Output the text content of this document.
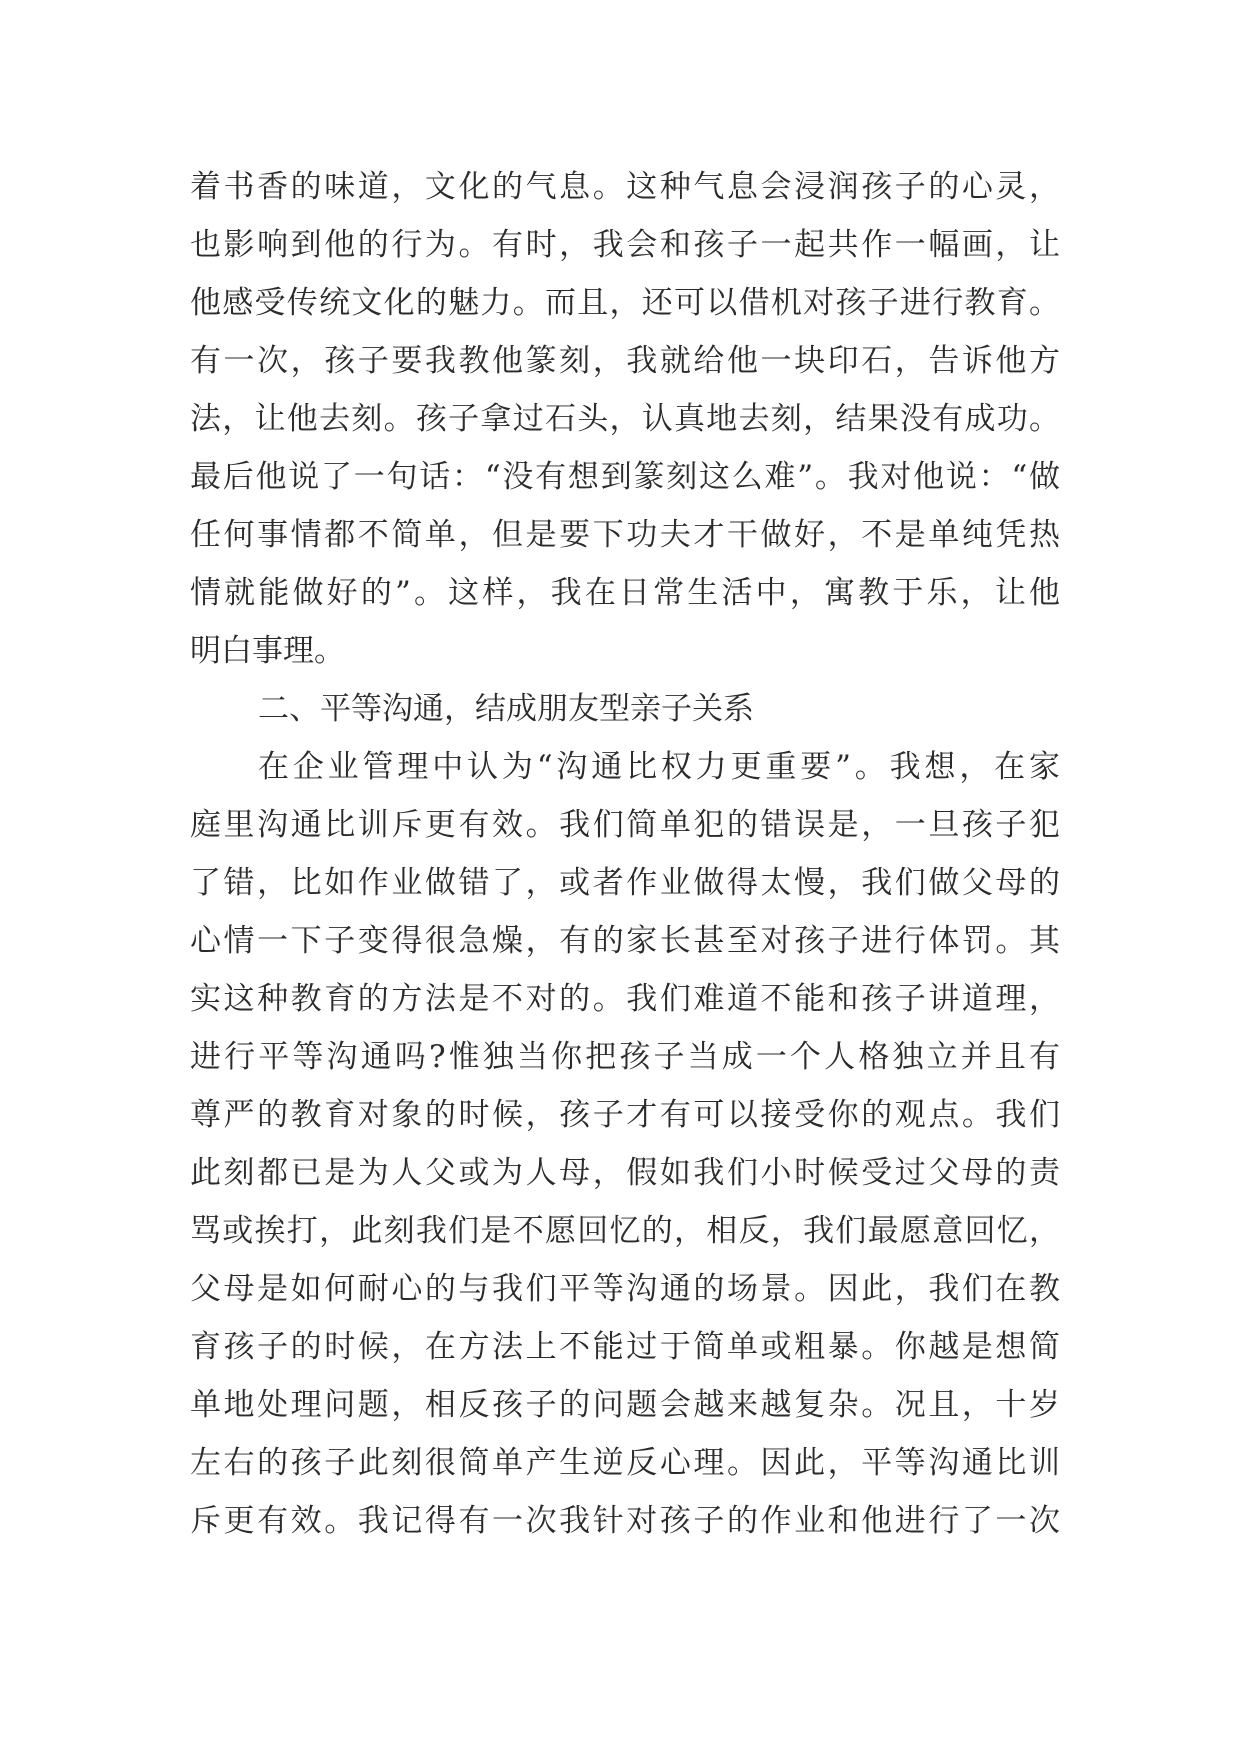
着书香的味道，文化的气息。这种气息会浸润孩子的心灵，
也影响到他的行为。有时，我会和孩子一起共作一幅画，让
他感受传统文化的魅力。而且，还可以借机对孩子进行教育。
有一次，孩子要我教他篆刻，我就给他一块印石，告诉他方
法，让他去刻。孩子拿过石头，认真地去刻，结果没有成功。
最后他说了一句话：“没有想到篆刻这么难”。我对他说：“做
任何事情都不简单，但是要下功夫才干做好，不是单纯凭热
情就能做好的”。这样，我在日常生活中，寓教于乐，让他
明白事理。
二、平等沟通，结成朋友型亲子关系
在企业管理中认为“沟通比权力更重要”。我想，在家
庭里沟通比训斥更有效。我们简单犯的错误是，一旦孩子犯
了错，比如作业做错了，或者作业做得太慢，我们做父母的
心情一下子变得很急燥，有的家长甚至对孩子进行体罚。其
实这种教育的方法是不对的。我们难道不能和孩子讲道理，
进行平等沟通吗?惟独当你把孩子当成一个人格独立并且有
尊严的教育对象的时候，孩子才有可以接受你的观点。我们
此刻都已是为人父或为人母，假如我们小时候受过父母的责
骂或挨打，此刻我们是不愿回忆的，相反，我们最愿意回忆，
父母是如何耐心的与我们平等沟通的场景。因此，我们在教
育孩子的时候，在方法上不能过于简单或粗暴。你越是想简
单地处理问题，相反孩子的问题会越来越复杂。况且，十岁
左右的孩子此刻很简单产生逆反心理。因此，平等沟通比训
斥更有效。我记得有一次我针对孩子的作业和他进行了一次
